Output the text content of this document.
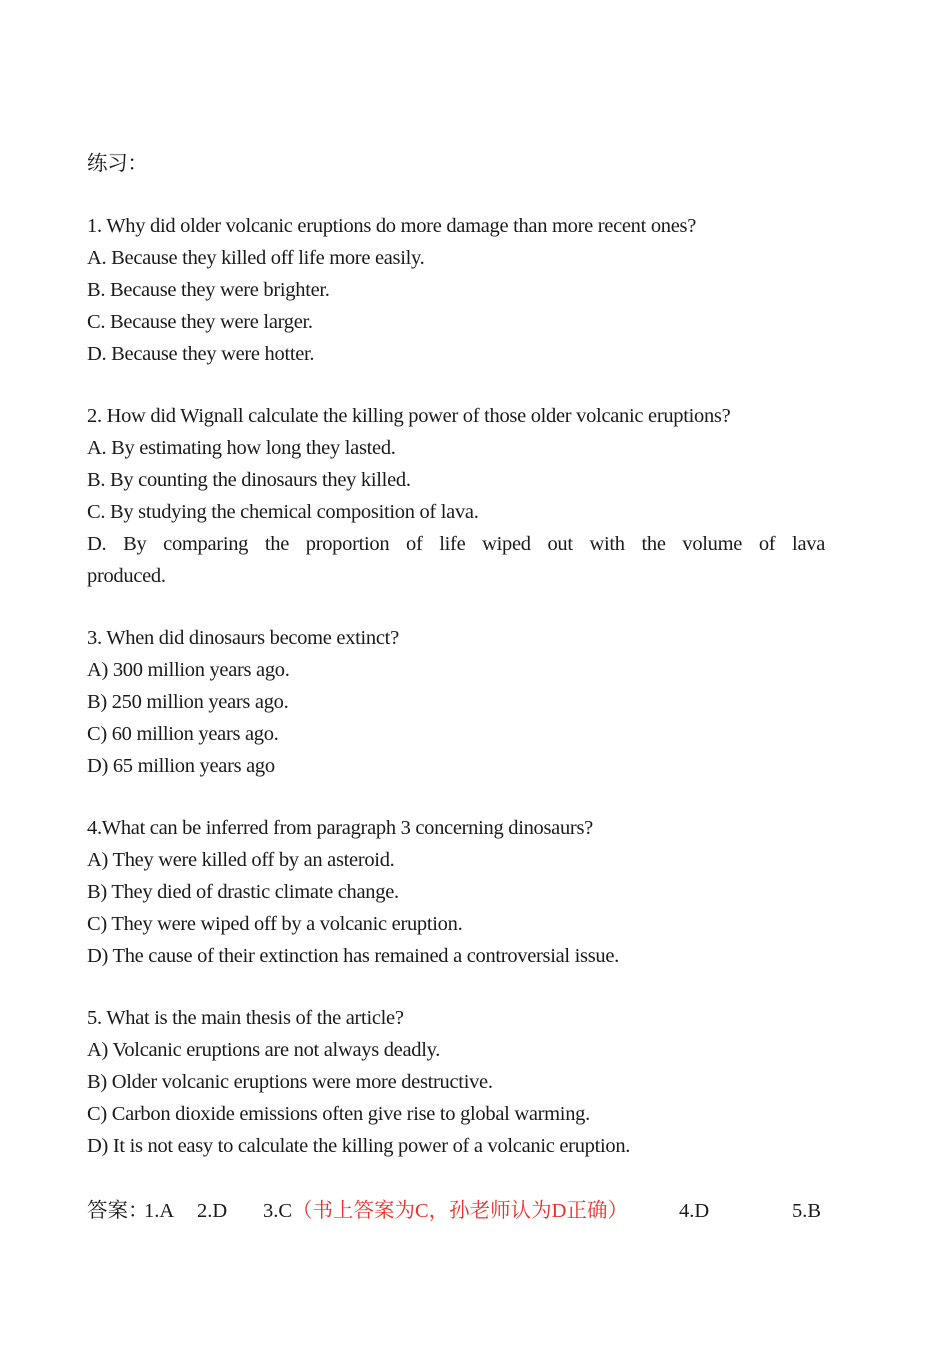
练习：
1. Why did older volcanic eruptions do more damage than more recent ones?
A. Because they killed off life more easily.
B. Because they were brighter.
C. Because they were larger.
D. Because they were hotter.
2. How did Wignall calculate the killing power of those older volcanic eruptions?
A. By estimating how long they lasted.
B. By counting the dinosaurs they killed.
C. By studying the chemical composition of lava.
D. By comparing the proportion of life wiped out with the volume of lava
produced.
3. When did dinosaurs become extinct?
A) 300 million years ago.
B) 250 million years ago.
C) 60 million years ago.
D) 65 million years ago
4.What can be inferred from paragraph 3 concerning dinosaurs?
A) They were killed off by an asteroid.
B) They died of drastic climate change.
C) They were wiped off by a volcanic eruption.
D) The cause of their extinction has remained a controversial issue.
5. What is the main thesis of the article?
A) Volcanic eruptions are not always deadly.
B) Older volcanic eruptions were more destructive.
C) Carbon dioxide emissions often give rise to global warming.
D) It is not easy to calculate the killing power of a volcanic eruption.
答案：
1.A 2.D 3.C （书上答案为C，孙老师认为D正确） 4.D	5.B
